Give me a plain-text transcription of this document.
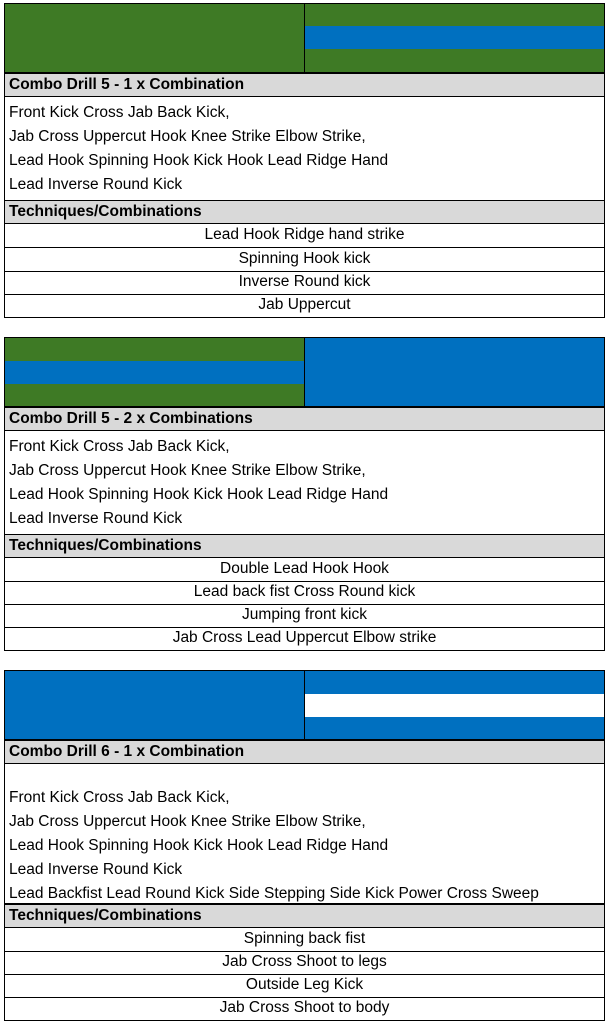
Combo Drill 5 - 1 x Combination
Front Kick Cross Jab Back Kick,
Jab Cross Uppercut Hook Knee Strike Elbow Strike,
Lead Hook Spinning Hook Kick Hook Lead Ridge Hand
Lead Inverse Round Kick
Techniques/Combinations
Lead Hook Ridge hand strike
Spinning Hook kick
Inverse Round kick
Jab Uppercut
Combo Drill 5 - 2 x Combinations
Front Kick Cross Jab Back Kick,
Jab Cross Uppercut Hook Knee Strike Elbow Strike,
Lead Hook Spinning Hook Kick Hook Lead Ridge Hand
Lead Inverse Round Kick
Techniques/Combinations
Double Lead Hook Hook
Lead back fist Cross Round kick
Jumping front kick
Jab Cross Lead Uppercut Elbow strike
Combo Drill 6 - 1 x Combination
Front Kick Cross Jab Back Kick,
Jab Cross Uppercut Hook Knee Strike Elbow Strike,
Lead Hook Spinning Hook Kick Hook Lead Ridge Hand
Lead Inverse Round Kick
Lead Backfist Lead Round Kick Side Stepping Side Kick Power Cross Sweep
Techniques/Combinations
Spinning back fist
Jab Cross Shoot to legs
Outside Leg Kick
Jab Cross Shoot to body
